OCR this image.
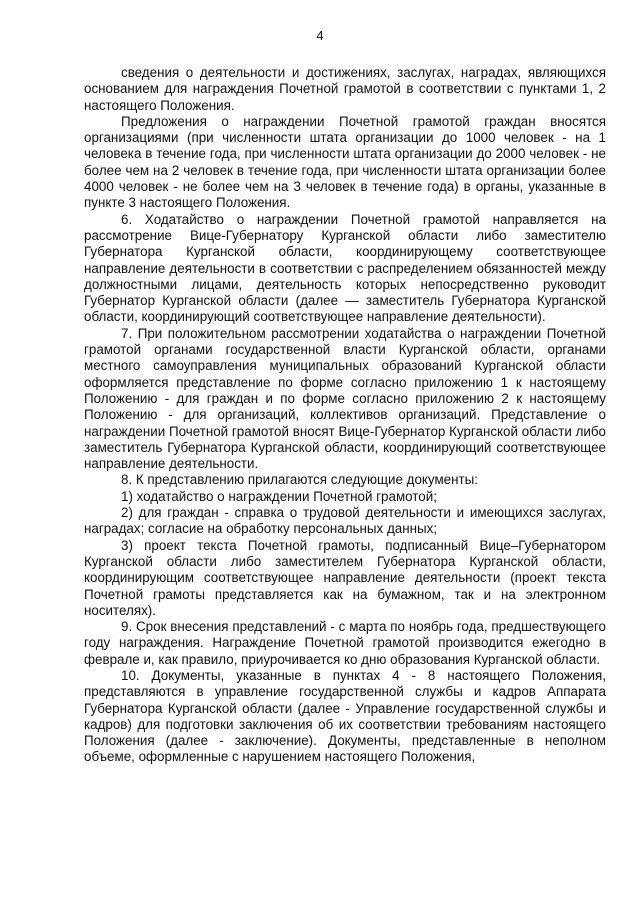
4

сведения о деятельности и достижениях, заслугах, наградах, являющихся основанием для награждения Почетной грамотой в соответствии с пунктами 1, 2 настоящего Положения.

Предложения о награждении Почетной грамотой граждан вносятся организациями (при численности штата организации до 1000 человек - на 1 человека в течение года, при численности штата организации до 2000 человек - не более чем на 2 человек в течение года, при численности штата организации более 4000 человек - не более чем на 3 человек в течение года) в органы, указанные в пункте 3 настоящего Положения.

6. Ходатайство о награждении Почетной грамотой направляется на рассмотрение Вице-Губернатору Курганской области либо заместителю Губернатора Курганской области, координирующему соответствующее направление деятельности в соответствии с распределением обязанностей между должностными лицами, деятельность которых непосредственно руководит Губернатор Курганской области (далее — заместитель Губернатора Курганской области, координирующий соответствующее направление деятельности).

7. При положительном рассмотрении ходатайства о награждении Почетной грамотой органами государственной власти Курганской области, органами местного самоуправления муниципальных образований Курганской области оформляется представление по форме согласно приложению 1 к настоящему Положению - для граждан и по форме согласно приложению 2 к настоящему Положению - для организаций, коллективов организаций. Представление о награждении Почетной грамотой вносят Вице-Губернатор Курганской области либо заместитель Губернатора Курганской области, координирующий соответствующее направление деятельности.

8. К представлению прилагаются следующие документы:

1) ходатайство о награждении Почетной грамотой;

2) для граждан - справка о трудовой деятельности и имеющихся заслугах, наградах; согласие на обработку персональных данных;

3) проект текста Почетной грамоты, подписанный Вице–Губернатором Курганской области либо заместителем Губернатора Курганской области, координирующим соответствующее направление деятельности (проект текста Почетной грамоты представляется как на бумажном, так и на электронном носителях).

9. Срок внесения представлений - с марта по ноябрь года, предшествующего году награждения. Награждение Почетной грамотой производится ежегодно в феврале и, как правило, приурочивается ко дню образования Курганской области.

10. Документы, указанные в пунктах 4 - 8 настоящего Положения, представляются в управление государственной службы и кадров Аппарата Губернатора Курганской области (далее - Управление государственной службы и кадров) для подготовки заключения об их соответствии требованиям настоящего Положения (далее - заключение). Документы, представленные в неполном объеме, оформленные с нарушением настоящего Положения,
